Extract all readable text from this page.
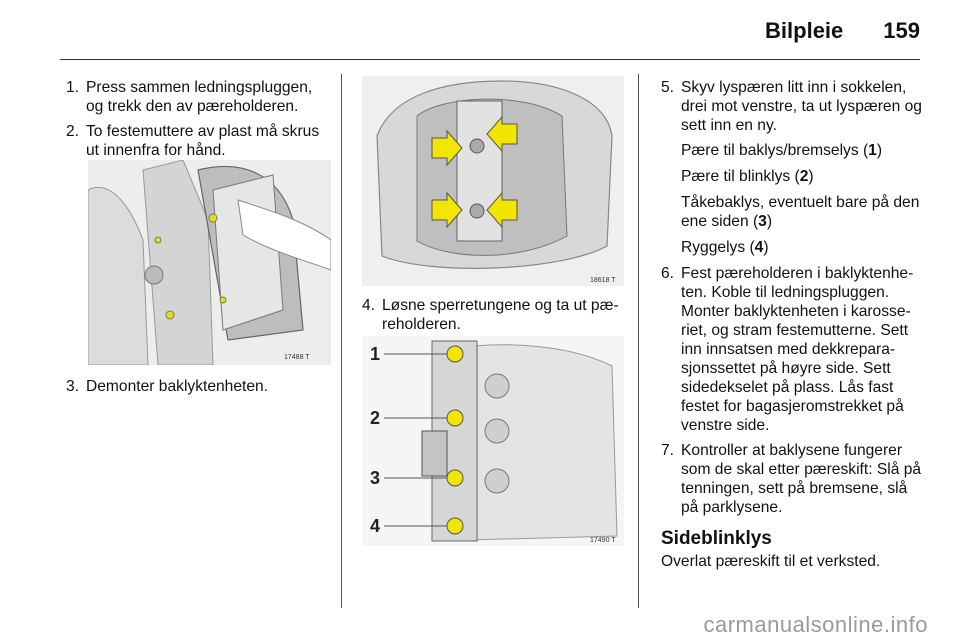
Bilpleie 159
1. Press sammen ledningspluggen, og trekk den av pæreholderen.
2. To festemuttere av plast må skrus ut innenfra for hånd.
17488 T
3. Demonter baklyktenheten.
18618 T
4. Løsne sperretungene og ta ut pæ-reholderen.
1
2
3
4
17490 T
5. Skyv lyspæren litt inn i sokkelen, drei mot venstre, ta ut lyspæren og sett inn en ny.
Pære til baklys/bremselys (1)
Pære til blinklys (2)
Tåkebaklys, eventuelt bare på den ene siden (3)
Ryggelys (4)
6. Fest pæreholderen i baklyktenhe-ten. Koble til ledningspluggen. Monter baklyktenheten i karosse-riet, og stram festemutterne. Sett inn innsatsen med dekkrepara-sjonssettet på høyre side. Sett sidedekselet på plass. Lås fast festet for bagasjeromstrekket på venstre side.
7. Kontroller at baklysene fungerer som de skal etter pæreskift: Slå på tenningen, sett på bremsene, slå på parklysene.
Sideblinklys
Overlat pæreskift til et verksted.
carmanualsonline.info
